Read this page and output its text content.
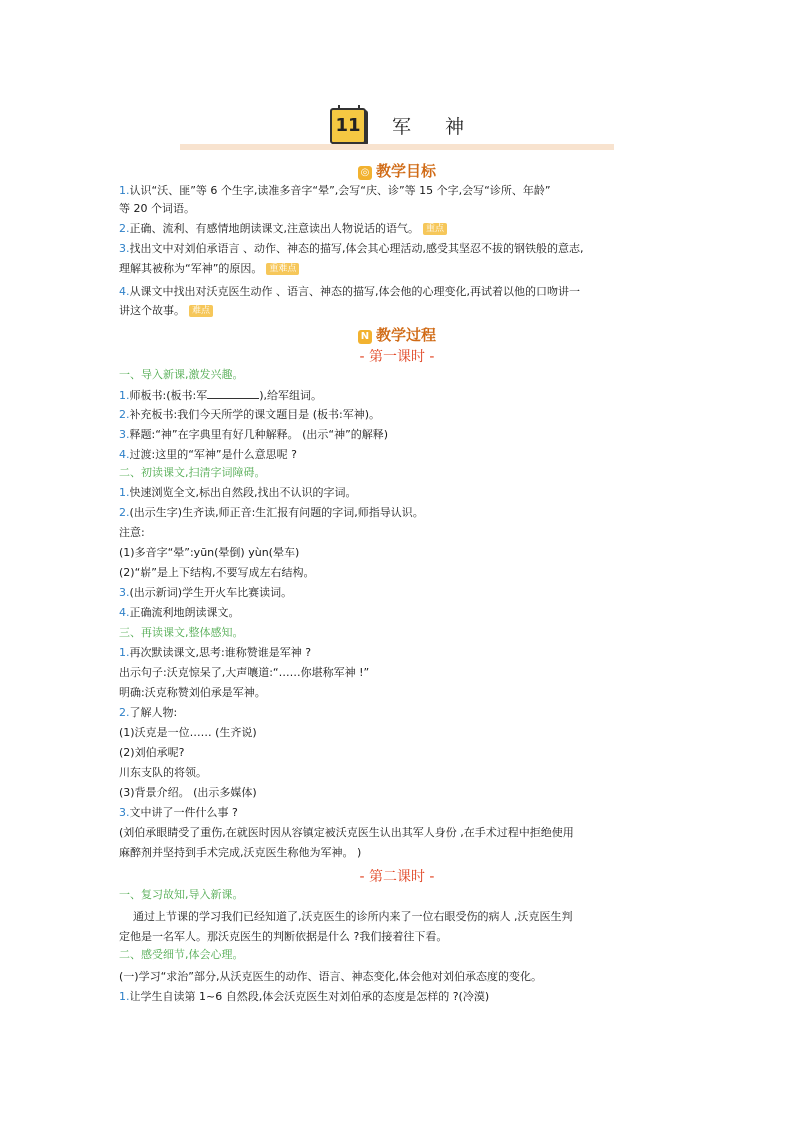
11 军神
◎ 教学目标
1.认识“沃、匪”等 6 个生字,读准多音字“晕”,会写“庆、诊”等 15 个字,会写“诊所、年龄”
等 20 个词语。
2.正确、流利、有感情地朗读课文,注意读出人物说话的语气。 重点
3.找出文中对刘伯承语言 、动作、神态的描写,体会其心理活动,感受其坚忍不拔的钢铁般的意志,
理解其被称为“军神”的原因。 重难点
4.从课文中找出对沃克医生动作 、语言、神态的描写,体会他的心理变化,再试着以他的口吻讲一
讲这个故事。 难点
N 教学过程
- 第一课时 -
一、导入新课,激发兴趣。
1.师板书:(板书:军	),给军组词。
2.补充板书:我们今天所学的课文题目是 (板书:军神)。
3.释题:“神”在字典里有好几种解释。 (出示“神”的解释)
4.过渡:这里的“军神”是什么意思呢 ?
二、初读课文,扫清字词障碍。
1.快速浏览全文,标出自然段,找出不认识的字词。
2.(出示生字)生齐读,师正音:生汇报有问题的字词,师指导认识。
注意:
(1)多音字“晕”:yūn(晕倒) yùn(晕车)
(2)“崭”是上下结构,不要写成左右结构。
3.(出示新词)学生开火车比赛读词。
4.正确流利地朗读课文。
三、再读课文,整体感知。
1.再次默读课文,思考:谁称赞谁是军神 ?
出示句子:沃克惊呆了,大声嚷道:“……你堪称军神 !”
明确:沃克称赞刘伯承是军神。
2.了解人物:
(1)沃克是一位…… (生齐说)
(2)刘伯承呢?
川东支队的将领。
(3)背景介绍。 (出示多媒体)
3.文中讲了一件什么事 ?
(刘伯承眼睛受了重伤,在就医时因从容镇定被沃克医生认出其军人身份 ,在手术过程中拒绝使用
麻醉剂并坚持到手术完成,沃克医生称他为军神。 )
- 第二课时 -
一、复习故知,导入新课。
通过上节课的学习我们已经知道了,沃克医生的诊所内来了一位右眼受伤的病人 ,沃克医生判
定他是一名军人。那沃克医生的判断依据是什么 ?我们接着往下看。
二、感受细节,体会心理。
(一)学习“求治”部分,从沃克医生的动作、语言、神态变化,体会他对刘伯承态度的变化。
1.让学生自读第 1~6 自然段,体会沃克医生对刘伯承的态度是怎样的 ?(冷漠)
